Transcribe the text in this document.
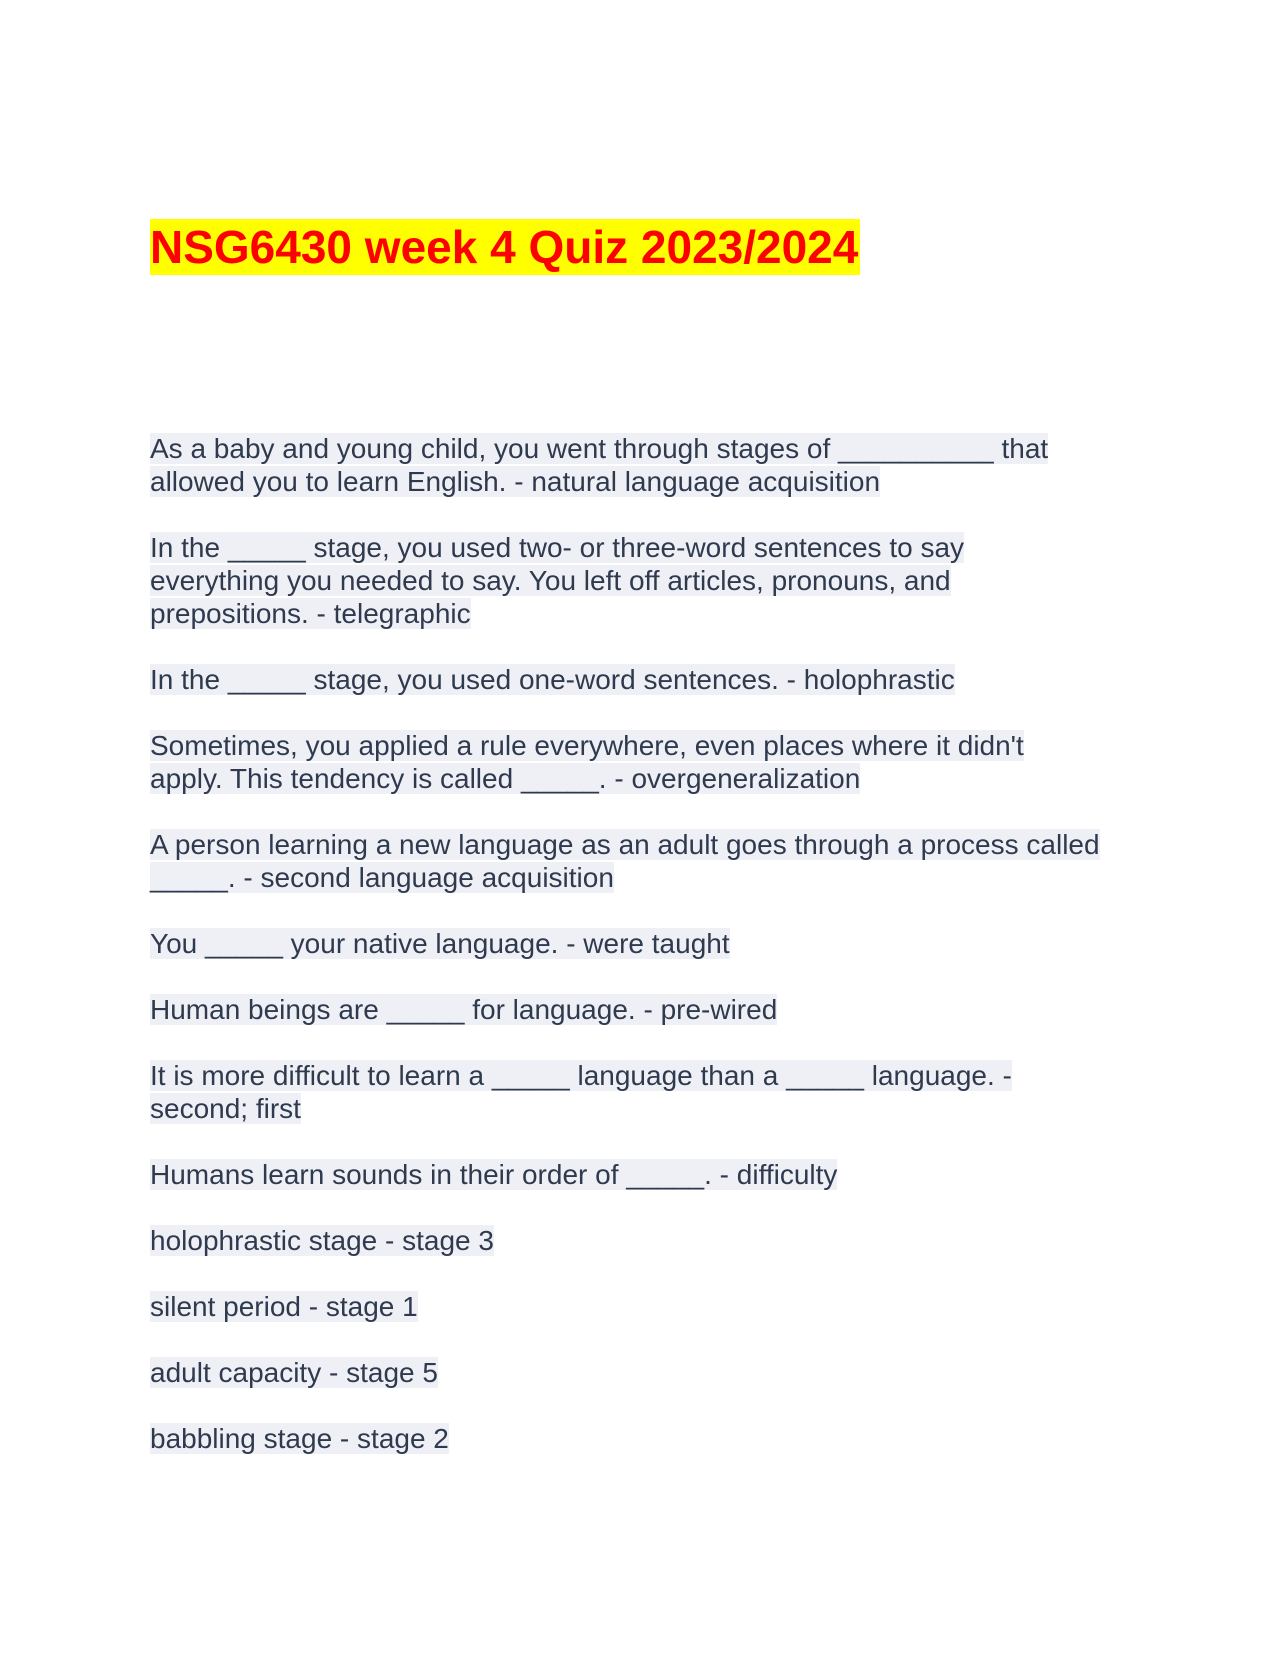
NSG6430 week 4 Quiz 2023/2024

As a baby and young child, you went through stages of __________ that allowed you to learn English. - natural language acquisition

In the _____ stage, you used two- or three-word sentences to say everything you needed to say. You left off articles, pronouns, and prepositions. - telegraphic

In the _____ stage, you used one-word sentences. - holophrastic

Sometimes, you applied a rule everywhere, even places where it didn't apply. This tendency is called _____. - overgeneralization

A person learning a new language as an adult goes through a process called _____. - second language acquisition

You _____ your native language. - were taught

Human beings are _____ for language. - pre-wired

It is more difficult to learn a _____ language than a _____ language. - second; first

Humans learn sounds in their order of _____. - difficulty

holophrastic stage - stage 3

silent period - stage 1

adult capacity - stage 5

babbling stage - stage 2
